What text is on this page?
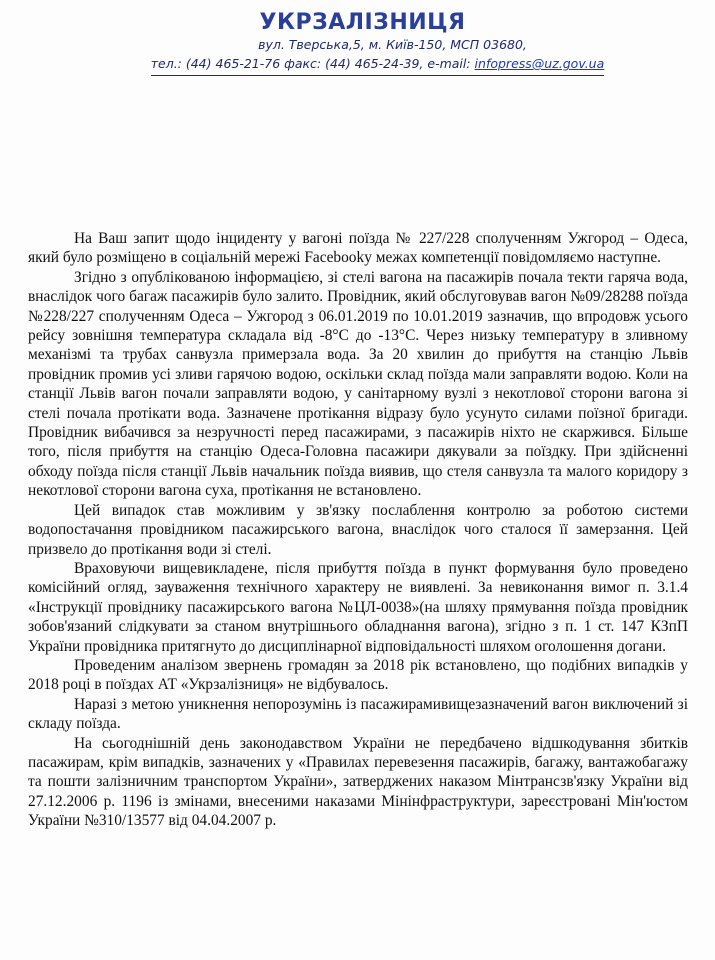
УКРЗАЛІЗНИЦЯ
вул. Тверська,5, м. Київ-150, МСП 03680,
тел.: (44) 465-21-76 факс: (44) 465-24-39, e-mail: infopress@uz.gov.ua

На Ваш запит щодо інциденту у вагоні поїзда № 227/228 сполученням Ужгород – Одеса, який було розміщено в соціальній мережі Facebookу межах компетенції повідомляємо наступне.

Згідно з опублікованою інформацією, зі стелі вагона на пасажирів почала текти гаряча вода, внаслідок чого багаж пасажирів було залито. Провідник, який обслуговував вагон №09/28288 поїзда №228/227 сполученням Одеса – Ужгород з 06.01.2019 по 10.01.2019 зазначив, що впродовж усього рейсу зовнішня температура складала від -8°С до -13°С. Через низьку температуру в зливному механізмі та трубах санвузла примерзала вода. За 20 хвилин до прибуття на станцію Львів провідник промив усі зливи гарячою водою, оскільки склад поїзда мали заправляти водою. Коли на станції Львів вагон почали заправляти водою, у санітарному вузлі з некотлової сторони вагона зі стелі почала протікати вода. Зазначене протікання відразу було усунуто силами поїзної бригади. Провідник вибачився за незручності перед пасажирами, з пасажирів ніхто не скаржився. Більше того, після прибуття на станцію Одеса-Головна пасажири дякували за поїздку. При здійсненні обходу поїзда після станції Львів начальник поїзда виявив, що стеля санвузла та малого коридору з некотлової сторони вагона суха, протікання не встановлено.

Цей випадок став можливим у зв'язку послаблення контролю за роботою системи водопостачання провідником пасажирського вагона, внаслідок чого сталося її замерзання. Цей призвело до протікання води зі стелі.

Враховуючи вищевикладене, після прибуття поїзда в пункт формування було проведено комісійний огляд, зауваження технічного характеру не виявлені. За невиконання вимог п. 3.1.4 «Інструкції провіднику пасажирського вагона №ЦЛ-0038»(на шляху прямування поїзда провідник зобов'язаний слідкувати за станом внутрішнього обладнання вагона), згідно з п. 1 ст. 147 КЗпП України провідника притягнуто до дисциплінарної відповідальності шляхом оголошення догани.

Проведеним аналізом звернень громадян за 2018 рік встановлено, що подібних випадків у 2018 році в поїздах АТ «Укрзалізниця» не відбувалось.

Наразі з метою уникнення непорозумінь із пасажирамивищезазначений вагон виключений зі складу поїзда.

На сьогоднішній день законодавством України не передбачено відшкодування збитків пасажирам, крім випадків, зазначених у «Правилах перевезення пасажирів, багажу, вантажобагажу та пошти залізничним транспортом України», затверджених наказом Мінтрансзв'язку України від 27.12.2006 р. 1196 із змінами, внесеними наказами Мінінфраструктури, зареєстровані Мін'юстом України №310/13577 від 04.04.2007 р.
